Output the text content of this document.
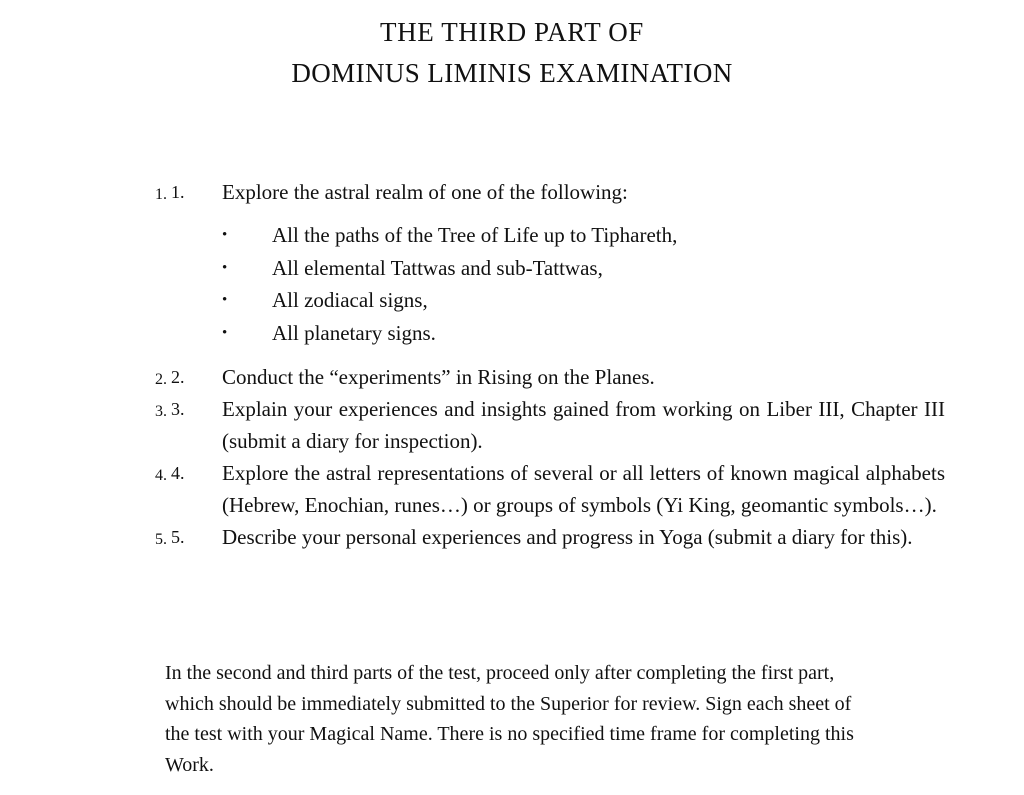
THE THIRD PART OF
DOMINUS LIMINIS EXAMINATION
1. 1.	Explore the astral realm of one of the following:
• All the paths of the Tree of Life up to Tiphareth,
• All elemental Tattwas and sub-Tattwas,
• All zodiacal signs,
• All planetary signs.
2. 2.	Conduct the “experiments” in Rising on the Planes.
3. 3.	Explain your experiences and insights gained from working on Liber III, Chapter III (submit a diary for inspection).
4. 4.	Explore the astral representations of several or all letters of known magical alphabets (Hebrew, Enochian, runes…) or groups of symbols (Yi King, geomantic symbols…).
5. 5.	Describe your personal experiences and progress in Yoga (submit a diary for this).
In the second and third parts of the test, proceed only after completing the first part, which should be immediately submitted to the Superior for review. Sign each sheet of the test with your Magical Name. There is no specified time frame for completing this Work.
